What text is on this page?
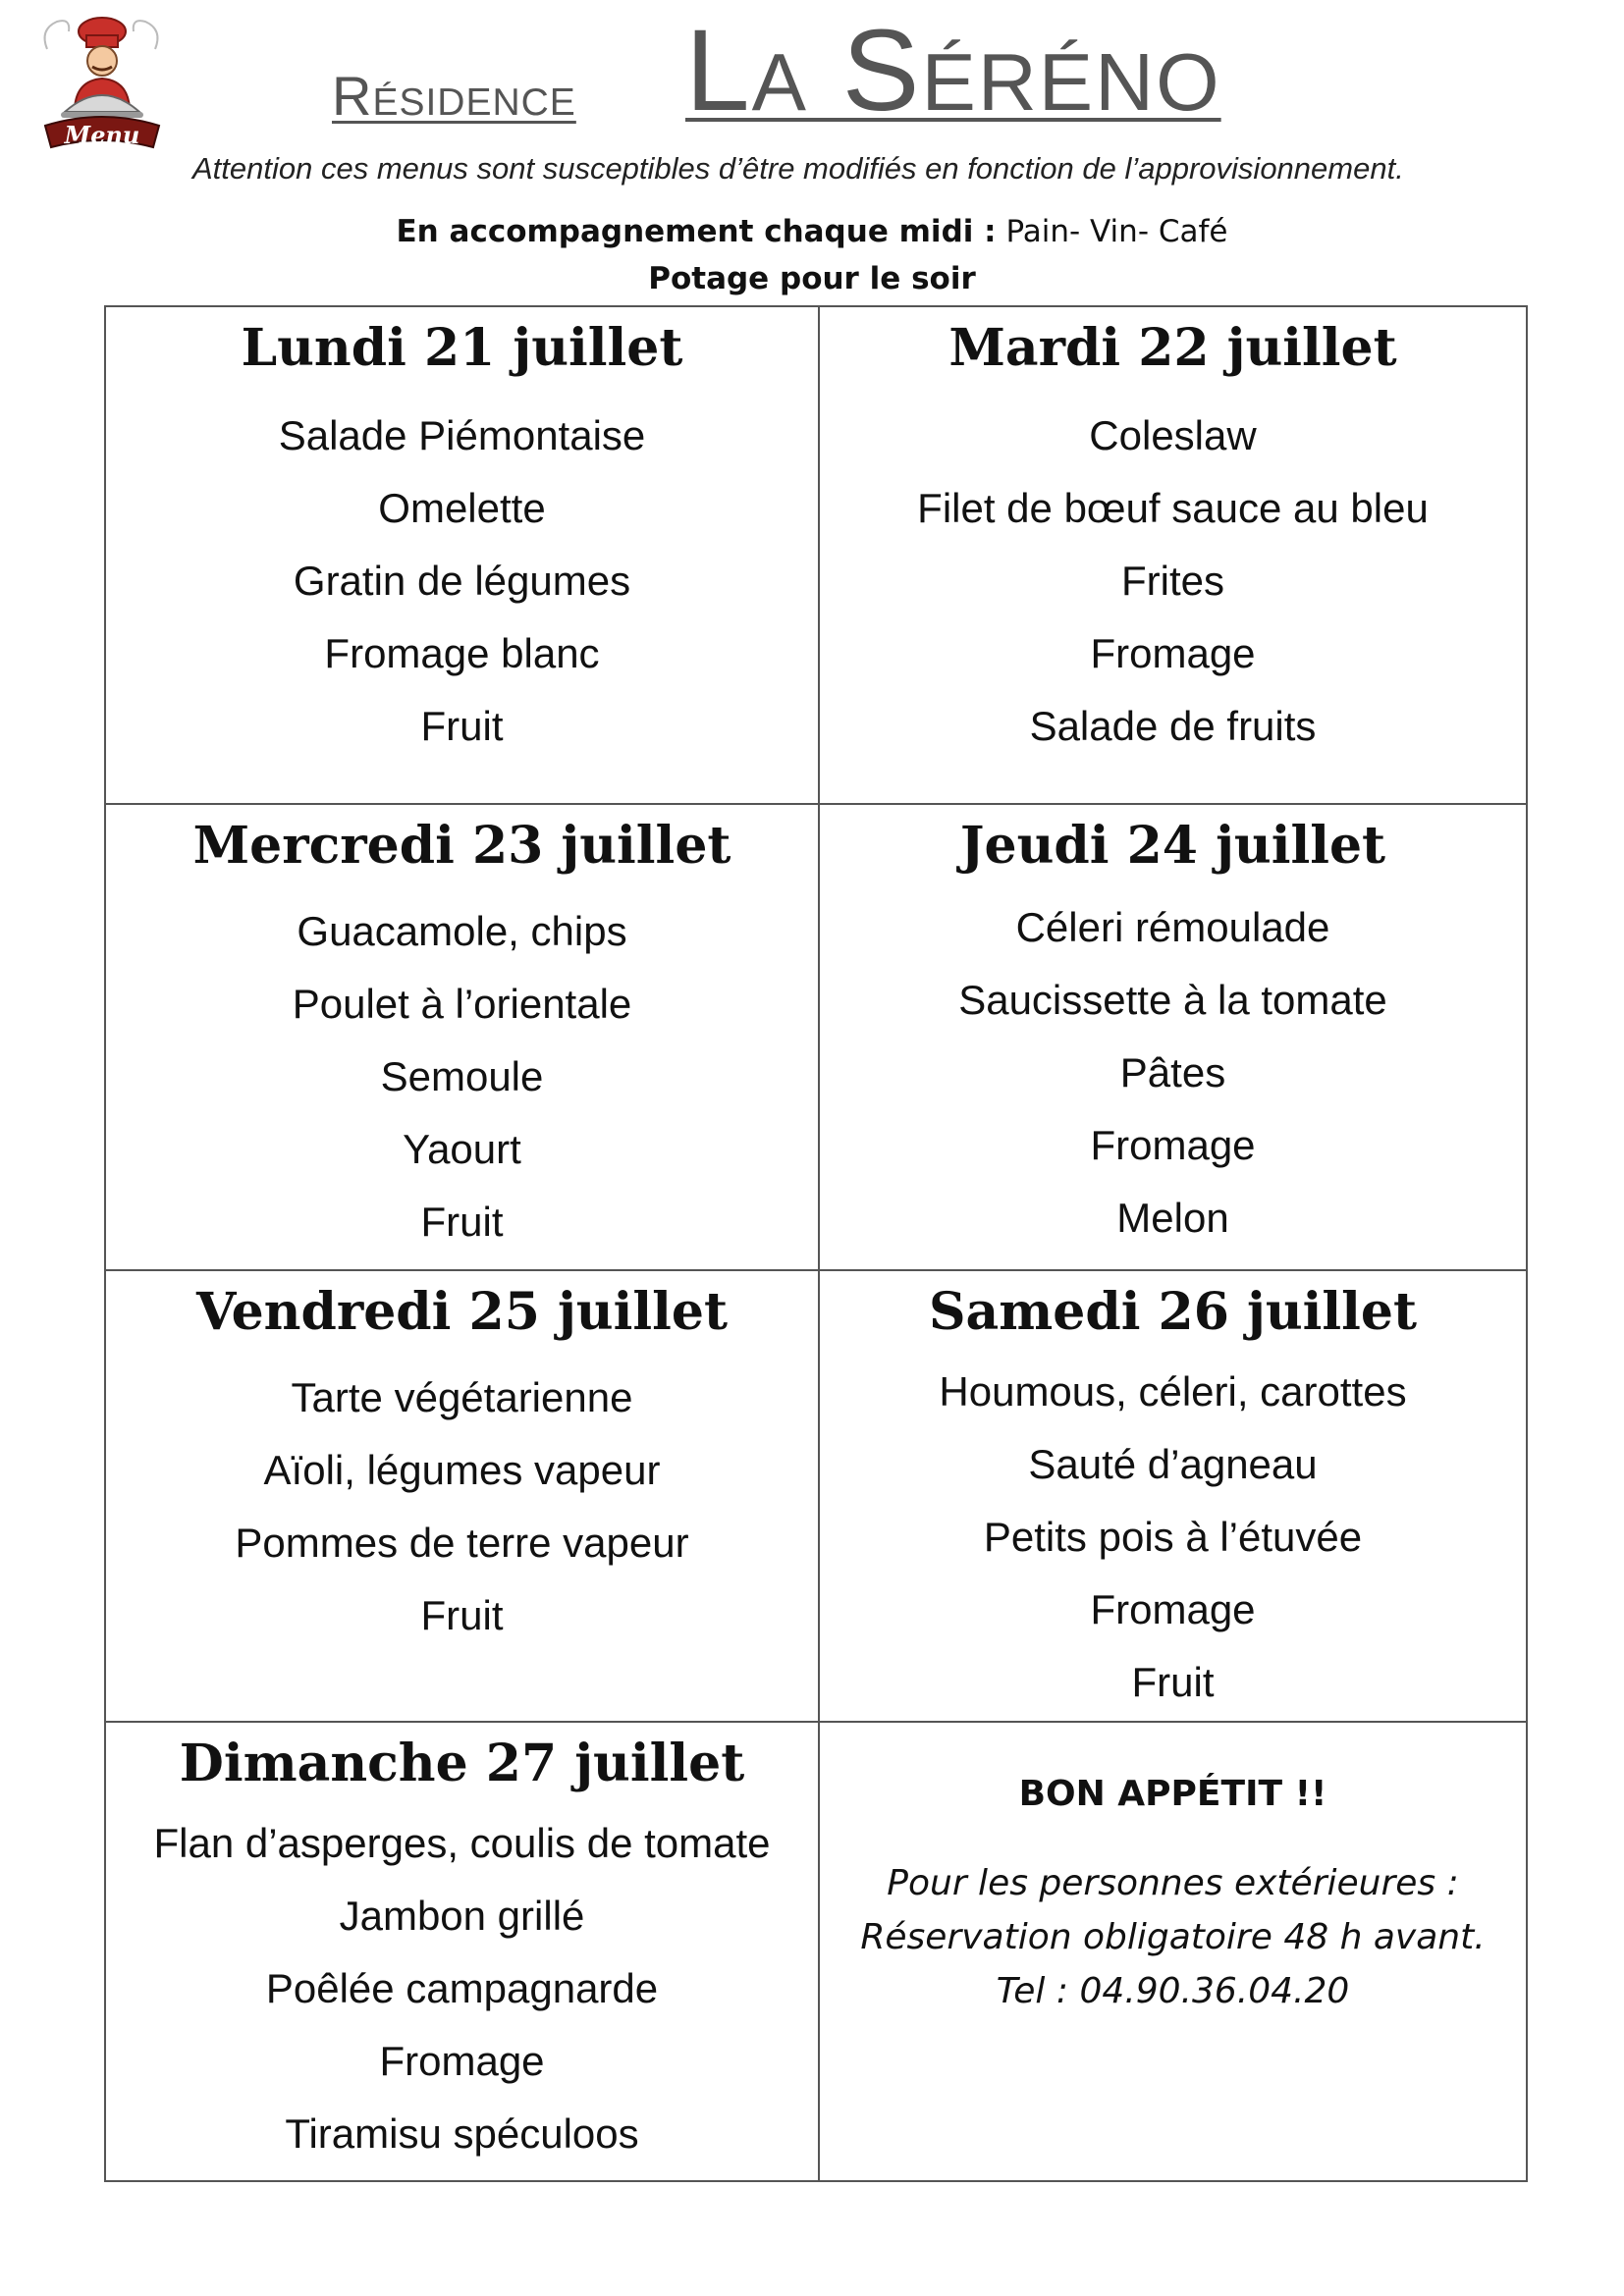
Menu
Résidence La Séréno
Attention ces menus sont susceptibles d’être modifiés en fonction de l’approvisionnement.
En accompagnement chaque midi : Pain- Vin- Café
Potage pour le soir
Lundi 21 juillet
Salade Piémontaise
Omelette
Gratin de légumes
Fromage blanc
Fruit
Mardi 22 juillet
Coleslaw
Filet de bœuf sauce au bleu
Frites
Fromage
Salade de fruits
Mercredi 23 juillet
Guacamole, chips
Poulet à l’orientale
Semoule
Yaourt
Fruit
Jeudi 24 juillet
Céleri rémoulade
Saucissette à la tomate
Pâtes
Fromage
Melon
Vendredi 25 juillet
Tarte végétarienne
Aïoli, légumes vapeur
Pommes de terre vapeur
Fruit
Samedi 26 juillet
Houmous, céleri, carottes
Sauté d’agneau
Petits pois à l’étuvée
Fromage
Fruit
Dimanche 27 juillet
Flan d’asperges, coulis de tomate
Jambon grillé
Poêlée campagnarde
Fromage
Tiramisu spéculoos
BON APPÉTIT !!
Pour les personnes extérieures :
Réservation obligatoire 48 h avant.
Tel : 04.90.36.04.20
